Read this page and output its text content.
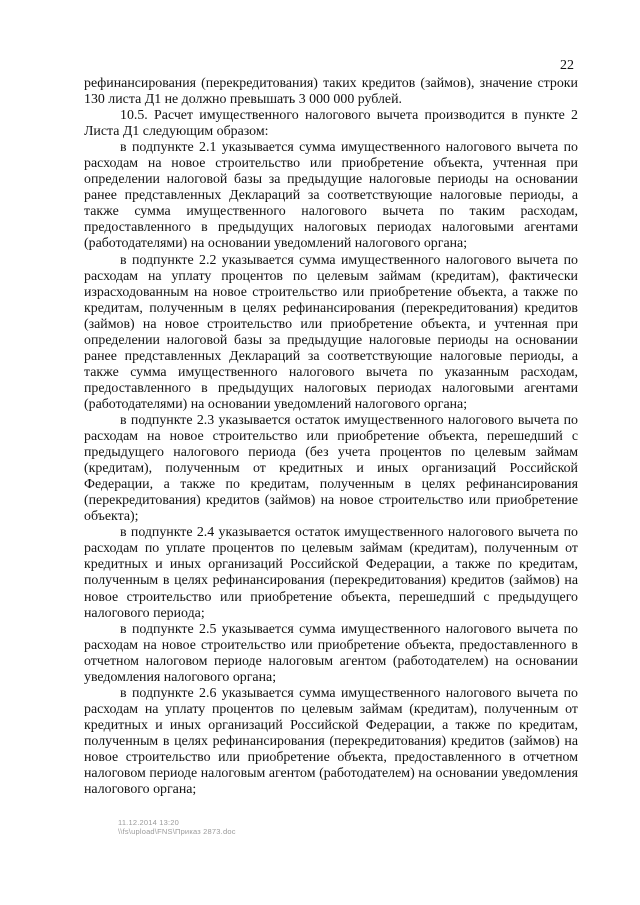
22

рефинансирования (перекредитования) таких кредитов (займов), значение строки 130 листа Д1 не должно превышать 3 000 000 рублей.

10.5. Расчет имущественного налогового вычета производится в пункте 2 Листа Д1 следующим образом:

в подпункте 2.1 указывается сумма имущественного налогового вычета по расходам на новое строительство или приобретение объекта, учтенная при определении налоговой базы за предыдущие налоговые периоды на основании ранее представленных Деклараций за соответствующие налоговые периоды, а также сумма имущественного налогового вычета по таким расходам, предоставленного в предыдущих налоговых периодах налоговыми агентами (работодателями) на основании уведомлений налогового органа;

в подпункте 2.2 указывается сумма имущественного налогового вычета по расходам на уплату процентов по целевым займам (кредитам), фактически израсходованным на новое строительство или приобретение объекта, а также по кредитам, полученным в целях рефинансирования (перекредитования) кредитов (займов) на новое строительство или приобретение объекта, и учтенная при определении налоговой базы за предыдущие налоговые периоды на основании ранее представленных Деклараций за соответствующие налоговые периоды, а также сумма имущественного налогового вычета по указанным расходам, предоставленного в предыдущих налоговых периодах налоговыми агентами (работодателями) на основании уведомлений налогового органа;

в подпункте 2.3 указывается остаток имущественного налогового вычета по расходам на новое строительство или приобретение объекта, перешедший с предыдущего налогового периода (без учета процентов по целевым займам (кредитам), полученным от кредитных и иных организаций Российской Федерации, а также по кредитам, полученным в целях рефинансирования (перекредитования) кредитов (займов) на новое строительство или приобретение объекта);

в подпункте 2.4 указывается остаток имущественного налогового вычета по расходам по уплате процентов по целевым займам (кредитам), полученным от кредитных и иных организаций Российской Федерации, а также по кредитам, полученным в целях рефинансирования (перекредитования) кредитов (займов) на новое строительство или приобретение объекта, перешедший с предыдущего налогового периода;

в подпункте 2.5 указывается сумма имущественного налогового вычета по расходам на новое строительство или приобретение объекта, предоставленного в отчетном налоговом периоде налоговым агентом (работодателем) на основании уведомления налогового органа;

в подпункте 2.6 указывается сумма имущественного налогового вычета по расходам на уплату процентов по целевым займам (кредитам), полученным от кредитных и иных организаций Российской Федерации, а также по кредитам, полученным в целях рефинансирования (перекредитования) кредитов (займов) на новое строительство или приобретение объекта, предоставленного в отчетном налоговом периоде налоговым агентом (работодателем) на основании уведомления налогового органа;

11.12.2014 13:20
\\fs\upload\FNS\Приказ 2873.doc
